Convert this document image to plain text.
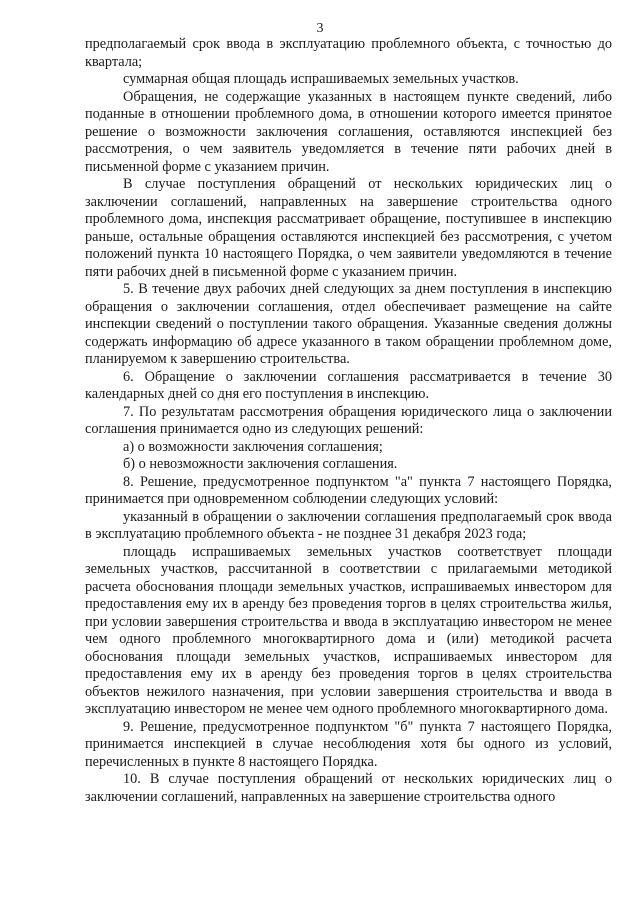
3

предполагаемый срок ввода в эксплуатацию проблемного объекта, с точностью до квартала;

суммарная общая площадь испрашиваемых земельных участков.

Обращения, не содержащие указанных в настоящем пункте сведений, либо поданные в отношении проблемного дома, в отношении которого имеется принятое решение о возможности заключения соглашения, оставляются инспекцией без рассмотрения, о чем заявитель уведомляется в течение пяти рабочих дней в письменной форме с указанием причин.

В случае поступления обращений от нескольких юридических лиц о заключении соглашений, направленных на завершение строительства одного проблемного дома, инспекция рассматривает обращение, поступившее в инспекцию раньше, остальные обращения оставляются инспекцией без рассмотрения, с учетом положений пункта 10 настоящего Порядка, о чем заявители уведомляются в течение пяти рабочих дней в письменной форме с указанием причин.

5. В течение двух рабочих дней следующих за днем поступления в инспекцию обращения о заключении соглашения, отдел обеспечивает размещение на сайте инспекции сведений о поступлении такого обращения. Указанные сведения должны содержать информацию об адресе указанного в таком обращении проблемном доме, планируемом к завершению строительства.

6. Обращение о заключении соглашения рассматривается в течение 30 календарных дней со дня его поступления в инспекцию.

7. По результатам рассмотрения обращения юридического лица о заключении соглашения принимается одно из следующих решений:

а) о возможности заключения соглашения;

б) о невозможности заключения соглашения.

8. Решение, предусмотренное подпунктом "а" пункта 7 настоящего Порядка, принимается при одновременном соблюдении следующих условий:

указанный в обращении о заключении соглашения предполагаемый срок ввода в эксплуатацию проблемного объекта - не позднее 31 декабря 2023 года;

площадь испрашиваемых земельных участков соответствует площади земельных участков, рассчитанной в соответствии с прилагаемыми методикой расчета обоснования площади земельных участков, испрашиваемых инвестором для предоставления ему их в аренду без проведения торгов в целях строительства жилья, при условии завершения строительства и ввода в эксплуатацию инвестором не менее чем одного проблемного многоквартирного дома и (или) методикой расчета обоснования площади земельных участков, испрашиваемых инвестором для предоставления ему их в аренду без проведения торгов в целях строительства объектов нежилого назначения, при условии завершения строительства и ввода в эксплуатацию инвестором не менее чем одного проблемного многоквартирного дома.

9. Решение, предусмотренное подпунктом "б" пункта 7 настоящего Порядка, принимается инспекцией в случае несоблюдения хотя бы одного из условий, перечисленных в пункте 8 настоящего Порядка.

10. В случае поступления обращений от нескольких юридических лиц о заключении соглашений, направленных на завершение строительства одного
